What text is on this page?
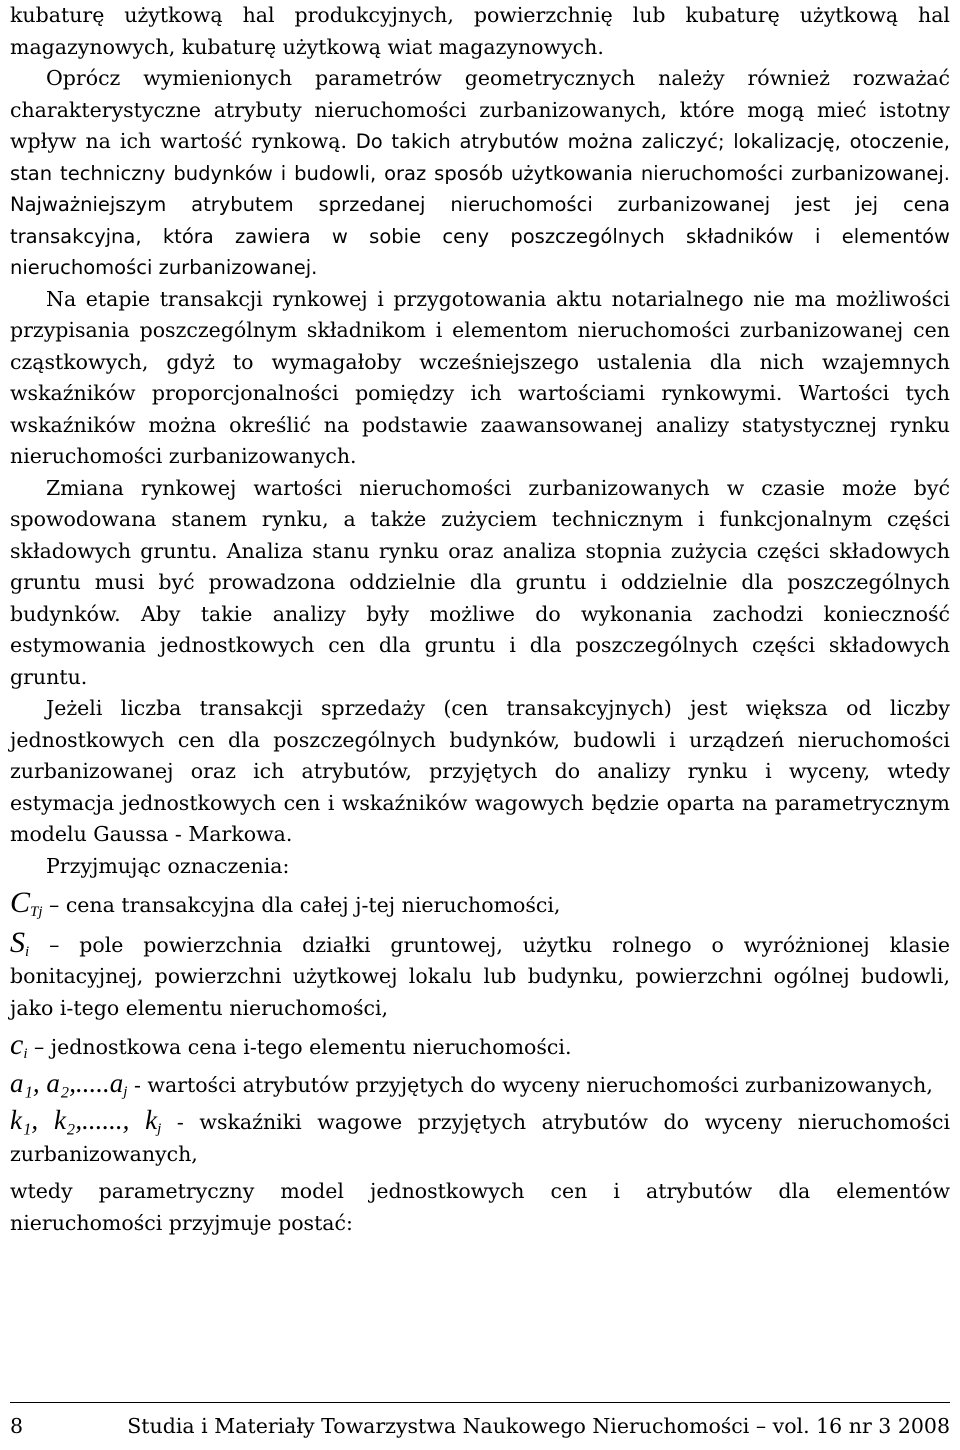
kubaturę użytkową hal produkcyjnych, powierzchnię lub kubaturę użytkową hal magazynowych, kubaturę użytkową wiat magazynowych.

Oprócz wymienionych parametrów geometrycznych należy również rozważać charakterystyczne atrybuty nieruchomości zurbanizowanych, które mogą mieć istotny wpływ na ich wartość rynkową. Do takich atrybutów można zaliczyć; lokalizację, otoczenie, stan techniczny budynków i budowli, oraz sposób użytkowania nieruchomości zurbanizowanej. Najważniejszym atrybutem sprzedanej nieruchomości zurbanizowanej jest jej cena transakcyjna, która zawiera w sobie ceny poszczególnych składników i elementów nieruchomości zurbanizowanej.

Na etapie transakcji rynkowej i przygotowania aktu notarialnego nie ma możliwości przypisania poszczególnym składnikom i elementom nieruchomości zurbanizowanej cen cząstkowych, gdyż to wymagałoby wcześniejszego ustalenia dla nich wzajemnych wskaźników proporcjonalności pomiędzy ich wartościami rynkowymi. Wartości tych wskaźników można określić na podstawie zaawansowanej analizy statystycznej rynku nieruchomości zurbanizowanych.

Zmiana rynkowej wartości nieruchomości zurbanizowanych w czasie może być spowodowana stanem rynku, a także zużyciem technicznym i funkcjonalnym części składowych gruntu. Analiza stanu rynku oraz analiza stopnia zużycia części składowych gruntu musi być prowadzona oddzielnie dla gruntu i oddzielnie dla poszczególnych budynków. Aby takie analizy były możliwe do wykonania zachodzi konieczność estymowania jednostkowych cen dla gruntu i dla poszczególnych części składowych gruntu.

Jeżeli liczba transakcji sprzedaży (cen transakcyjnych) jest większa od liczby jednostkowych cen dla poszczególnych budynków, budowli i urządzeń nieruchomości zurbanizowanej oraz ich atrybutów, przyjętych do analizy rynku i wyceny, wtedy estymacja jednostkowych cen i wskaźników wagowych będzie oparta na parametrycznym modelu Gaussa - Markowa.

Przyjmując oznaczenia:

$C_{Tj}$ – cena transakcyjna dla całej j-tej nieruchomości,

$S_i$ – pole powierzchnia działki gruntowej, użytku rolnego o wyróżnionej klasie bonitacyjnej, powierzchni użytkowej lokalu lub budynku, powierzchni ogólnej budowli, jako i-tego elementu nieruchomości,

$c_i$ – jednostkowa cena i-tego elementu nieruchomości.

a₁, $a_2,.....a_j$ - wartości atrybutów przyjętych do wyceny nieruchomości zurbanizowanych,

k₁, k₂,......, $k_j$ - wskaźniki wagowe przyjętych atrybutów do wyceny nieruchomości zurbanizowanych,

wtedy parametryczny model jednostkowych cen i atrybutów dla elementów nieruchomości przyjmuje postać:

8	Studia i Materiały Towarzystwa Naukowego Nieruchomości – vol. 16 nr 3 2008
